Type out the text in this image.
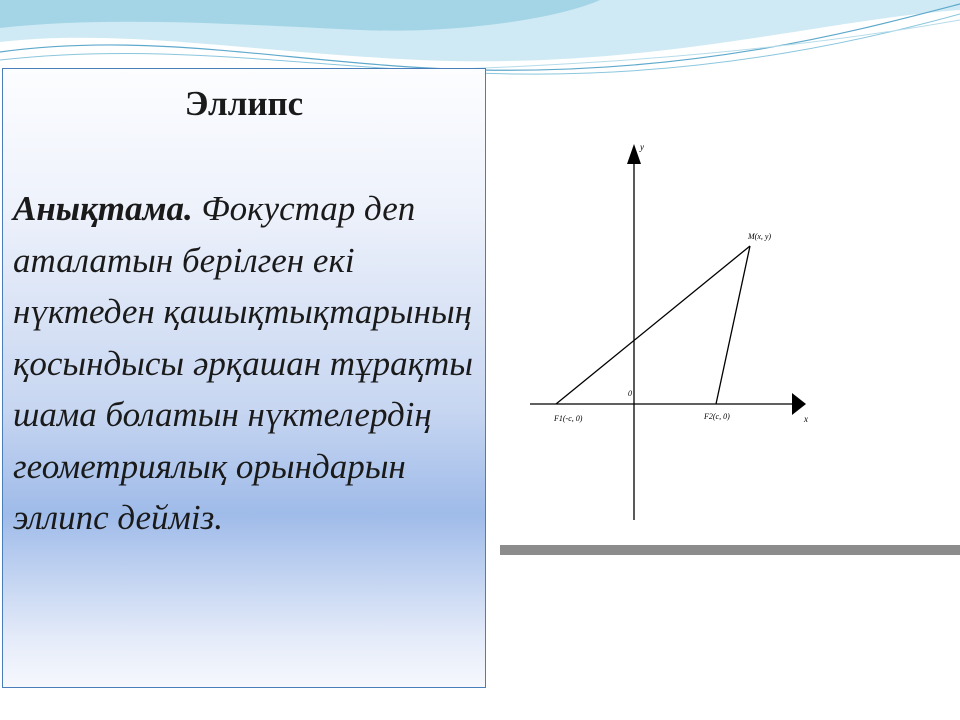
Эллипс

Анықтама. Фокустар деп аталатын берілген екі нүктеден қашықтықтарының қосындысы әрқашан тұрақты шама болатын нүктелердің геометриялық орындарын эллипс дейміз.

y
x
0
M(x, y)
F1(-c, 0)	F2(c, 0)
